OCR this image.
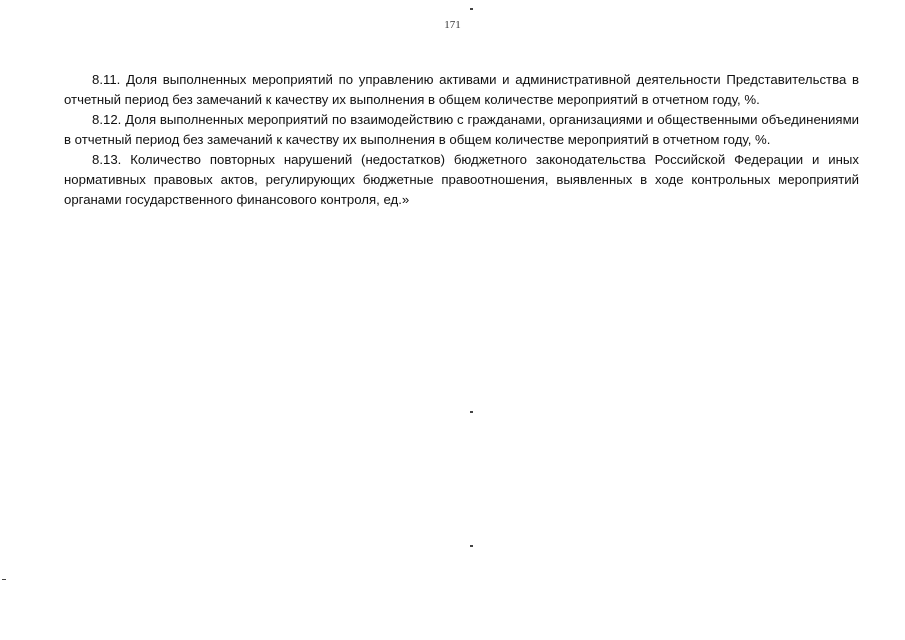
171

8.11. Доля выполненных мероприятий по управлению активами и административной деятельности Представительства в отчетный период без замечаний к качеству их выполнения в общем количестве мероприятий в отчетном году, %.

8.12. Доля выполненных мероприятий по взаимодействию с гражданами, организациями и общественными объединениями в отчетный период без замечаний к качеству их выполнения в общем количестве мероприятий в отчетном году, %.

8.13. Количество повторных нарушений (недостатков) бюджетного законодательства Российской Федерации и иных нормативных правовых актов, регулирующих бюджетные правоотношения, выявленных в ходе контрольных мероприятий органами государственного финансового контроля, ед.»
